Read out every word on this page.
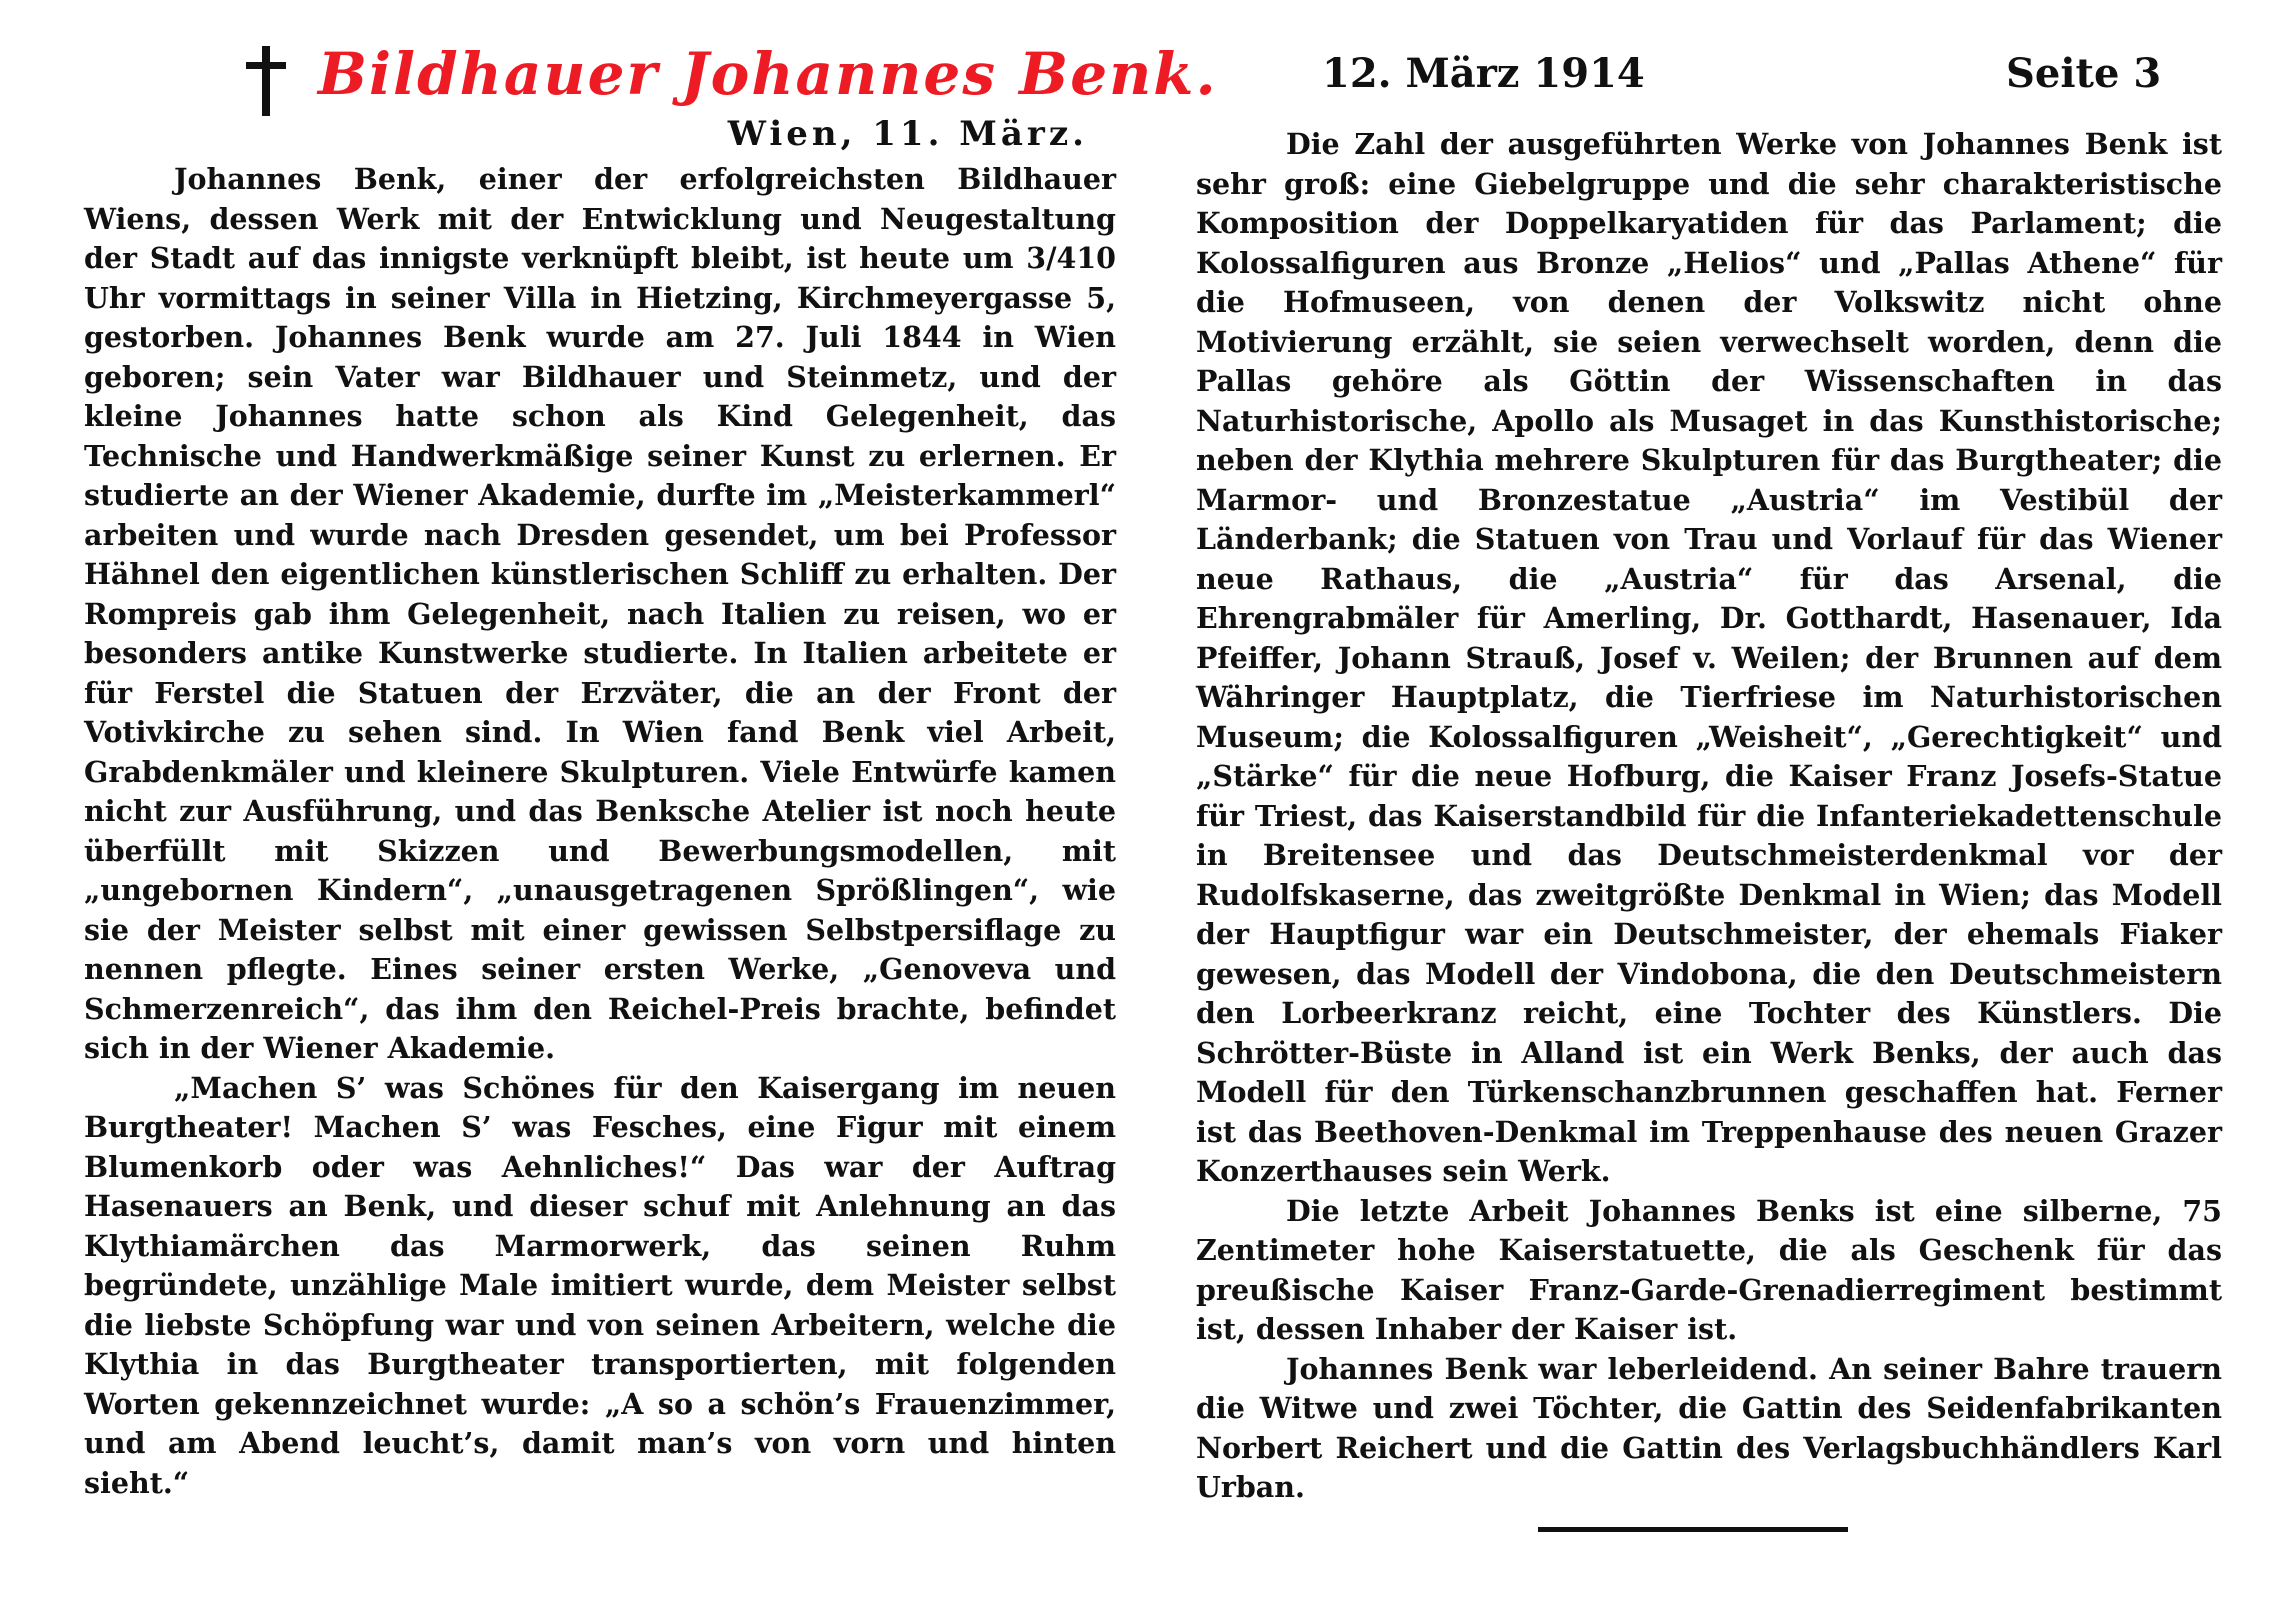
Bildhauer Johannes Benk.	12. März 1914	Seite 3
Wien, 11. März.

Johannes Benk, einer der erfolgreichsten Bildhauer Wiens, dessen Werk mit der Entwicklung und Neugestaltung der Stadt auf das innigste verknüpft bleibt, ist heute um 3/410 Uhr vormittags in seiner Villa in Hietzing, Kirchmeyergasse 5, gestorben. Johannes Benk wurde am 27. Juli 1844 in Wien geboren; sein Vater war Bildhauer und Steinmetz, und der kleine Johannes hatte schon als Kind Gelegenheit, das Technische und Handwerkmäßige seiner Kunst zu erlernen. Er studierte an der Wiener Akademie, durfte im „Meisterkammerl“ arbeiten und wurde nach Dresden gesendet, um bei Professor Hähnel den eigentlichen künstlerischen Schliff zu erhalten. Der Rompreis gab ihm Gelegenheit, nach Italien zu reisen, wo er besonders antike Kunstwerke studierte. In Italien arbeitete er für Ferstel die Statuen der Erzväter, die an der Front der Votivkirche zu sehen sind. In Wien fand Benk viel Arbeit, Grabdenkmäler und kleinere Skulpturen. Viele Entwürfe kamen nicht zur Ausführung, und das Benksche Atelier ist noch heute überfüllt mit Skizzen und Bewerbungsmodellen, mit „ungebornen Kindern“, „unausgetragenen Sprößlingen“, wie sie der Meister selbst mit einer gewissen Selbstpersiflage zu nennen pflegte. Eines seiner ersten Werke, „Genoveva und Schmerzenreich“, das ihm den Reichel-Preis brachte, befindet sich in der Wiener Akademie.

„Machen S’ was Schönes für den Kaisergang im neuen Burgtheater! Machen S’ was Fesches, eine Figur mit einem Blumenkorb oder was Aehnliches!“ Das war der Auftrag Hasenauers an Benk, und dieser schuf mit Anlehnung an das Klythiamärchen das Marmorwerk, das seinen Ruhm begründete, unzählige Male imitiert wurde, dem Meister selbst die liebste Schöpfung war und von seinen Arbeitern, welche die Klythia in das Burgtheater transportierten, mit folgenden Worten gekennzeichnet wurde: „A so a schön’s Frauenzimmer, und am Abend leucht’s, damit man’s von vorn und hinten sieht.“

Die Zahl der ausgeführten Werke von Johannes Benk ist sehr groß: eine Giebelgruppe und die sehr charakteristische Komposition der Doppelkaryatiden für das Parlament; die Kolossalfiguren aus Bronze „Helios“ und „Pallas Athene“ für die Hofmuseen, von denen der Volkswitz nicht ohne Motivierung erzählt, sie seien verwechselt worden, denn die Pallas gehöre als Göttin der Wissenschaften in das Naturhistorische, Apollo als Musaget in das Kunsthistorische; neben der Klythia mehrere Skulpturen für das Burgtheater; die Marmor- und Bronzestatue „Austria“ im Vestibül der Länderbank; die Statuen von Trau und Vorlauf für das Wiener neue Rathaus, die „Austria“ für das Arsenal, die Ehrengrabmäler für Amerling, Dr. Gotthardt, Hasenauer, Ida Pfeiffer, Johann Strauß, Josef v. Weilen; der Brunnen auf dem Währinger Hauptplatz, die Tierfriese im Naturhistorischen Museum; die Kolossalfiguren „Weisheit“, „Gerechtigkeit“ und „Stärke“ für die neue Hofburg, die Kaiser Franz Josefs-Statue für Triest, das Kaiserstandbild für die Infanteriekadettenschule in Breitensee und das Deutschmeisterdenkmal vor der Rudolfskaserne, das zweitgrößte Denkmal in Wien; das Modell der Hauptfigur war ein Deutschmeister, der ehemals Fiaker gewesen, das Modell der Vindobona, die den Deutschmeistern den Lorbeerkranz reicht, eine Tochter des Künstlers. Die Schrötter-Büste in Alland ist ein Werk Benks, der auch das Modell für den Türkenschanzbrunnen geschaffen hat. Ferner ist das Beethoven-Denkmal im Treppenhause des neuen Grazer Konzerthauses sein Werk.

Die letzte Arbeit Johannes Benks ist eine silberne, 75 Zentimeter hohe Kaiserstatuette, die als Geschenk für das preußische Kaiser Franz-Garde-Grenadierregiment bestimmt ist, dessen Inhaber der Kaiser ist.

Johannes Benk war leberleidend. An seiner Bahre trauern die Witwe und zwei Töchter, die Gattin des Seidenfabrikanten Norbert Reichert und die Gattin des Verlagsbuchhändlers Karl Urban.
